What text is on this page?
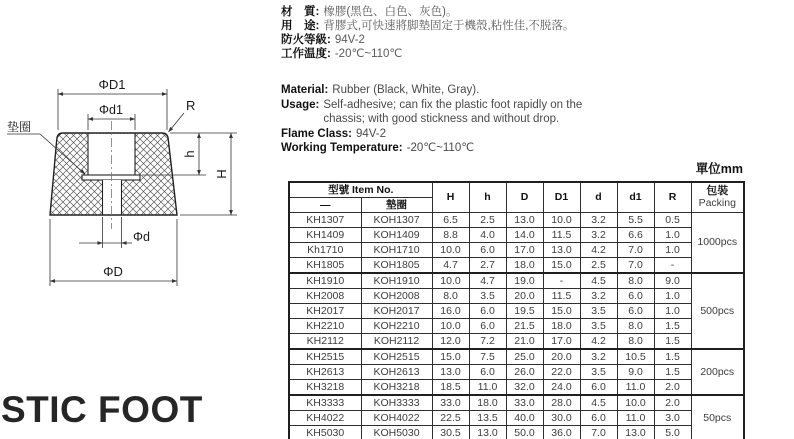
ΦD1
Φd1	R
垫圈
h
H
Φd
ΦD
材　質: 橡膠(黑色、白色、灰色)。
用　途: 背膠式,可快速將脚墊固定于機殼,粘性佳,不脱落。
防火等級: 94V-2
工作温度: -20℃~110℃
Material: Rubber (Black, White, Gray).
Usage: Self-adhesive; can fix the plastic foot rapidly on the chassis; with good stickness and without drop.
Flame Class: 94V-2
Working Temperature: -20℃~110℃
單位mm
型號 Item No.		H	h	D	D1	d	d1	R	包裝
Packing

—	墊圈								
KH1307	KOH1307	6.5	2.5	13.0	10.0	3.2	5.5	0.5	1000pcs
KH1409	KOH1409	8.8	4.0	14.0	11.5	3.2	6.6	1.0	
Kh1710	KOH1710	10.0	6.0	17.0	13.0	4.2	7.0	1.0	
KH1805	KOH1805	4.7	2.7	18.0	15.0	2.5	7.0	-	
KH1910	KOH1910	10.0	4.7	19.0	-	4.5	8.0	9.0	500pcs
KH2008	KOH2008	8.0	3.5	20.0	11.5	3.2	6.0	1.0	
KH2017	KOH2017	16.0	6.0	19.5	15.0	3.5	6.0	1.0	
KH2210	KOH2210	10.0	6.0	21.5	18.0	3.5	8.0	1.5	
KH2112	KOH2112	12.0	7.2	21.0	17.0	4.2	8.0	1.5	
KH2515	KOH2515	15.0	7.5	25.0	20.0	3.2	10.5	1.5	200pcs
KH2613	KOH2613	13.0	6.0	26.0	22.0	3.5	9.0	1.5	
KH3218	KOH3218	18.5	11.0	32.0	24.0	6.0	11.0	2.0	
KH3333	KOH3333	33.0	18.0	33.0	28.0	4.5	10.0	2.0	50pcs
KH4022	KOH4022	22.5	13.5	40.0	30.0	6.0	11.0	3.0	
KH5030	KOH5030	30.5	13.0	50.0	36.0	7.0	13.0	5.0	
STIC FOOT
